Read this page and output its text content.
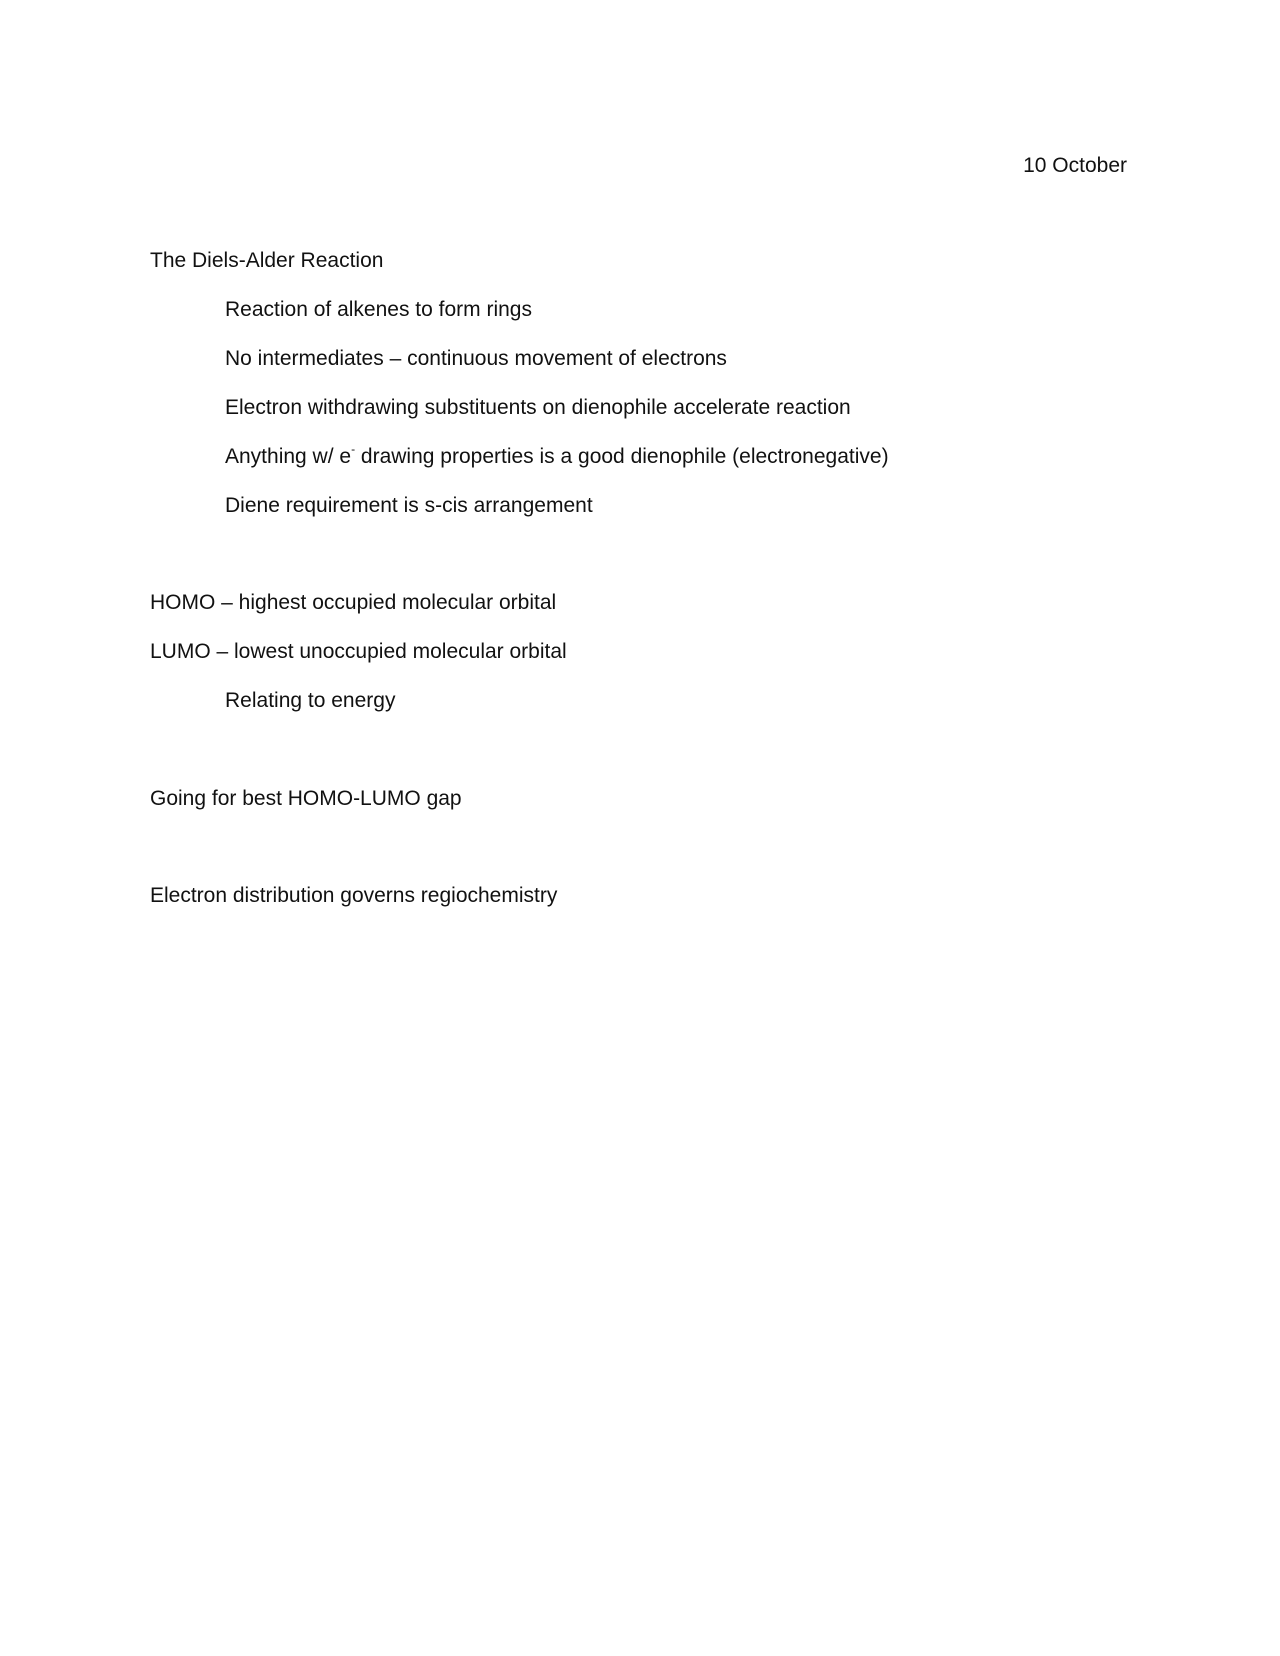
10 October
The Diels-Alder Reaction
Reaction of alkenes to form rings
No intermediates – continuous movement of electrons
Electron withdrawing substituents on dienophile accelerate reaction
Anything w/ e- drawing properties is a good dienophile (electronegative)
Diene requirement is s-cis arrangement
HOMO – highest occupied molecular orbital
LUMO – lowest unoccupied molecular orbital
Relating to energy
Going for best HOMO-LUMO gap
Electron distribution governs regiochemistry
